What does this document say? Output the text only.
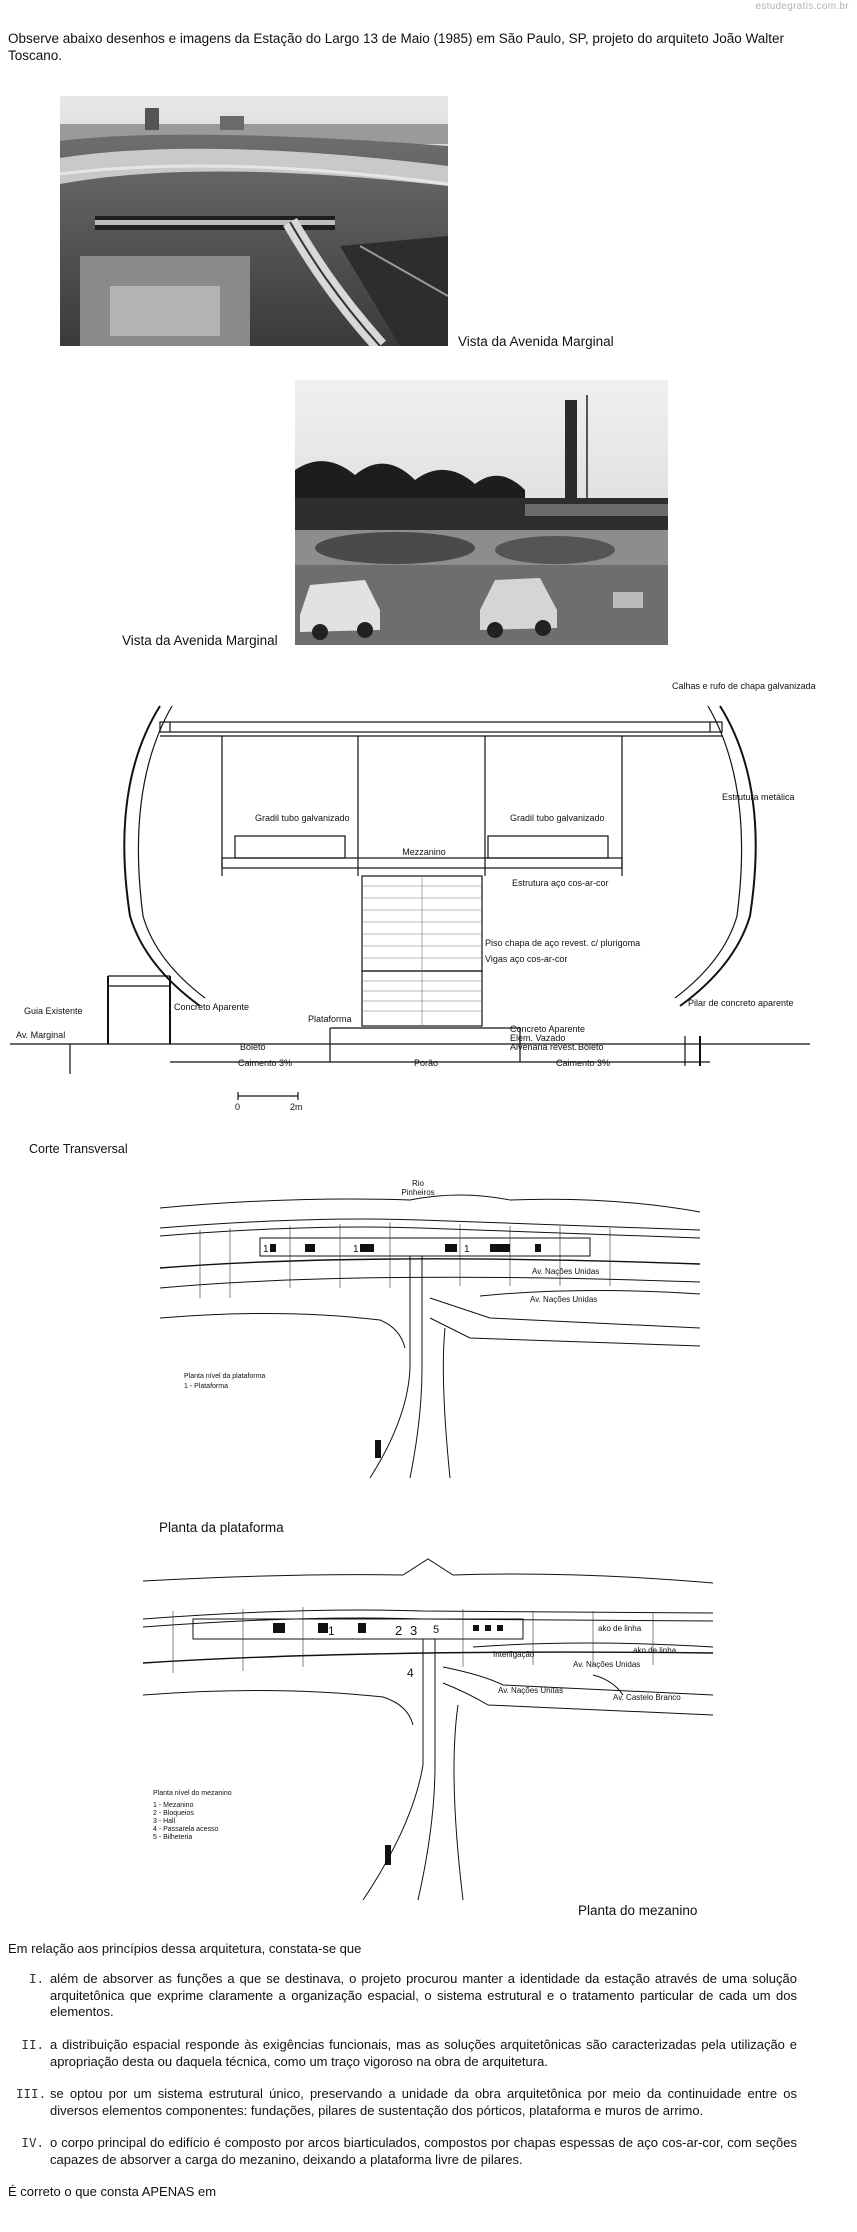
estudegratis.com.br
Observe abaixo desenhos e imagens da Estação do Largo 13 de Maio (1985) em São Paulo, SP, projeto do arquiteto João Walter Toscano.
Vista da Avenida Marginal
Vista da Avenida Marginal
Calhas e rufo de chapa galvanizada
Estrutura metálica
Gradil tubo galvanizado	Gradil tubo galvanizado
Mezzanino
Estrutura aço cos-ar-cor
Piso chapa de aço revest. c/ plurigoma
Vigas aço cos-ar-cor
Pilar de concreto aparente
Guia Existente
Av. Marginal
Concreto Aparente
Plataforma
Boleto
Caimento 3%	Porão
Concreto Aparente
Elem. Vazado
Alvenaria revest. Boleto
Caimento 3%
0	2m
Corte Transversal
Rio
Pinheiros
1	1	1
Av. Nações Unidas
Av. Nações Unidas
Planta nível da plataforma
1 - Plataforma
Planta da plataforma
1	2 3 5
4
ako de linha
ako de linha
Interligação
Av. Nações Unidas
Av. Nações Unitas
Av. Castelo Branco
Planta nível do mezanino
1 - Mezanino
2 - Bloqueios
3 - Hall
4 - Passarela acesso
5 - Bilheteria
Planta do mezanino
Em relação aos princípios dessa arquitetura, constata-se que
I. além de absorver as funções a que se destinava, o projeto procurou manter a identidade da estação através de uma solução arquitetônica que exprime claramente a organização espacial, o sistema estrutural e o tratamento particular de cada um dos elementos.
II. a distribuição espacial responde às exigências funcionais, mas as soluções arquitetônicas são caracterizadas pela utilização e apropriação desta ou daquela técnica, como um traço vigoroso na obra de arquitetura.
III. se optou por um sistema estrutural único, preservando a unidade da obra arquitetônica por meio da continuidade entre os diversos elementos componentes: fundações, pilares de sustentação dos pórticos, plataforma e muros de arrimo.
IV. o corpo principal do edifício é composto por arcos biarticulados, compostos por chapas espessas de aço cos-ar-cor, com seções capazes de absorver a carga do mezanino, deixando a plataforma livre de pilares.
É correto o que consta APENAS em
